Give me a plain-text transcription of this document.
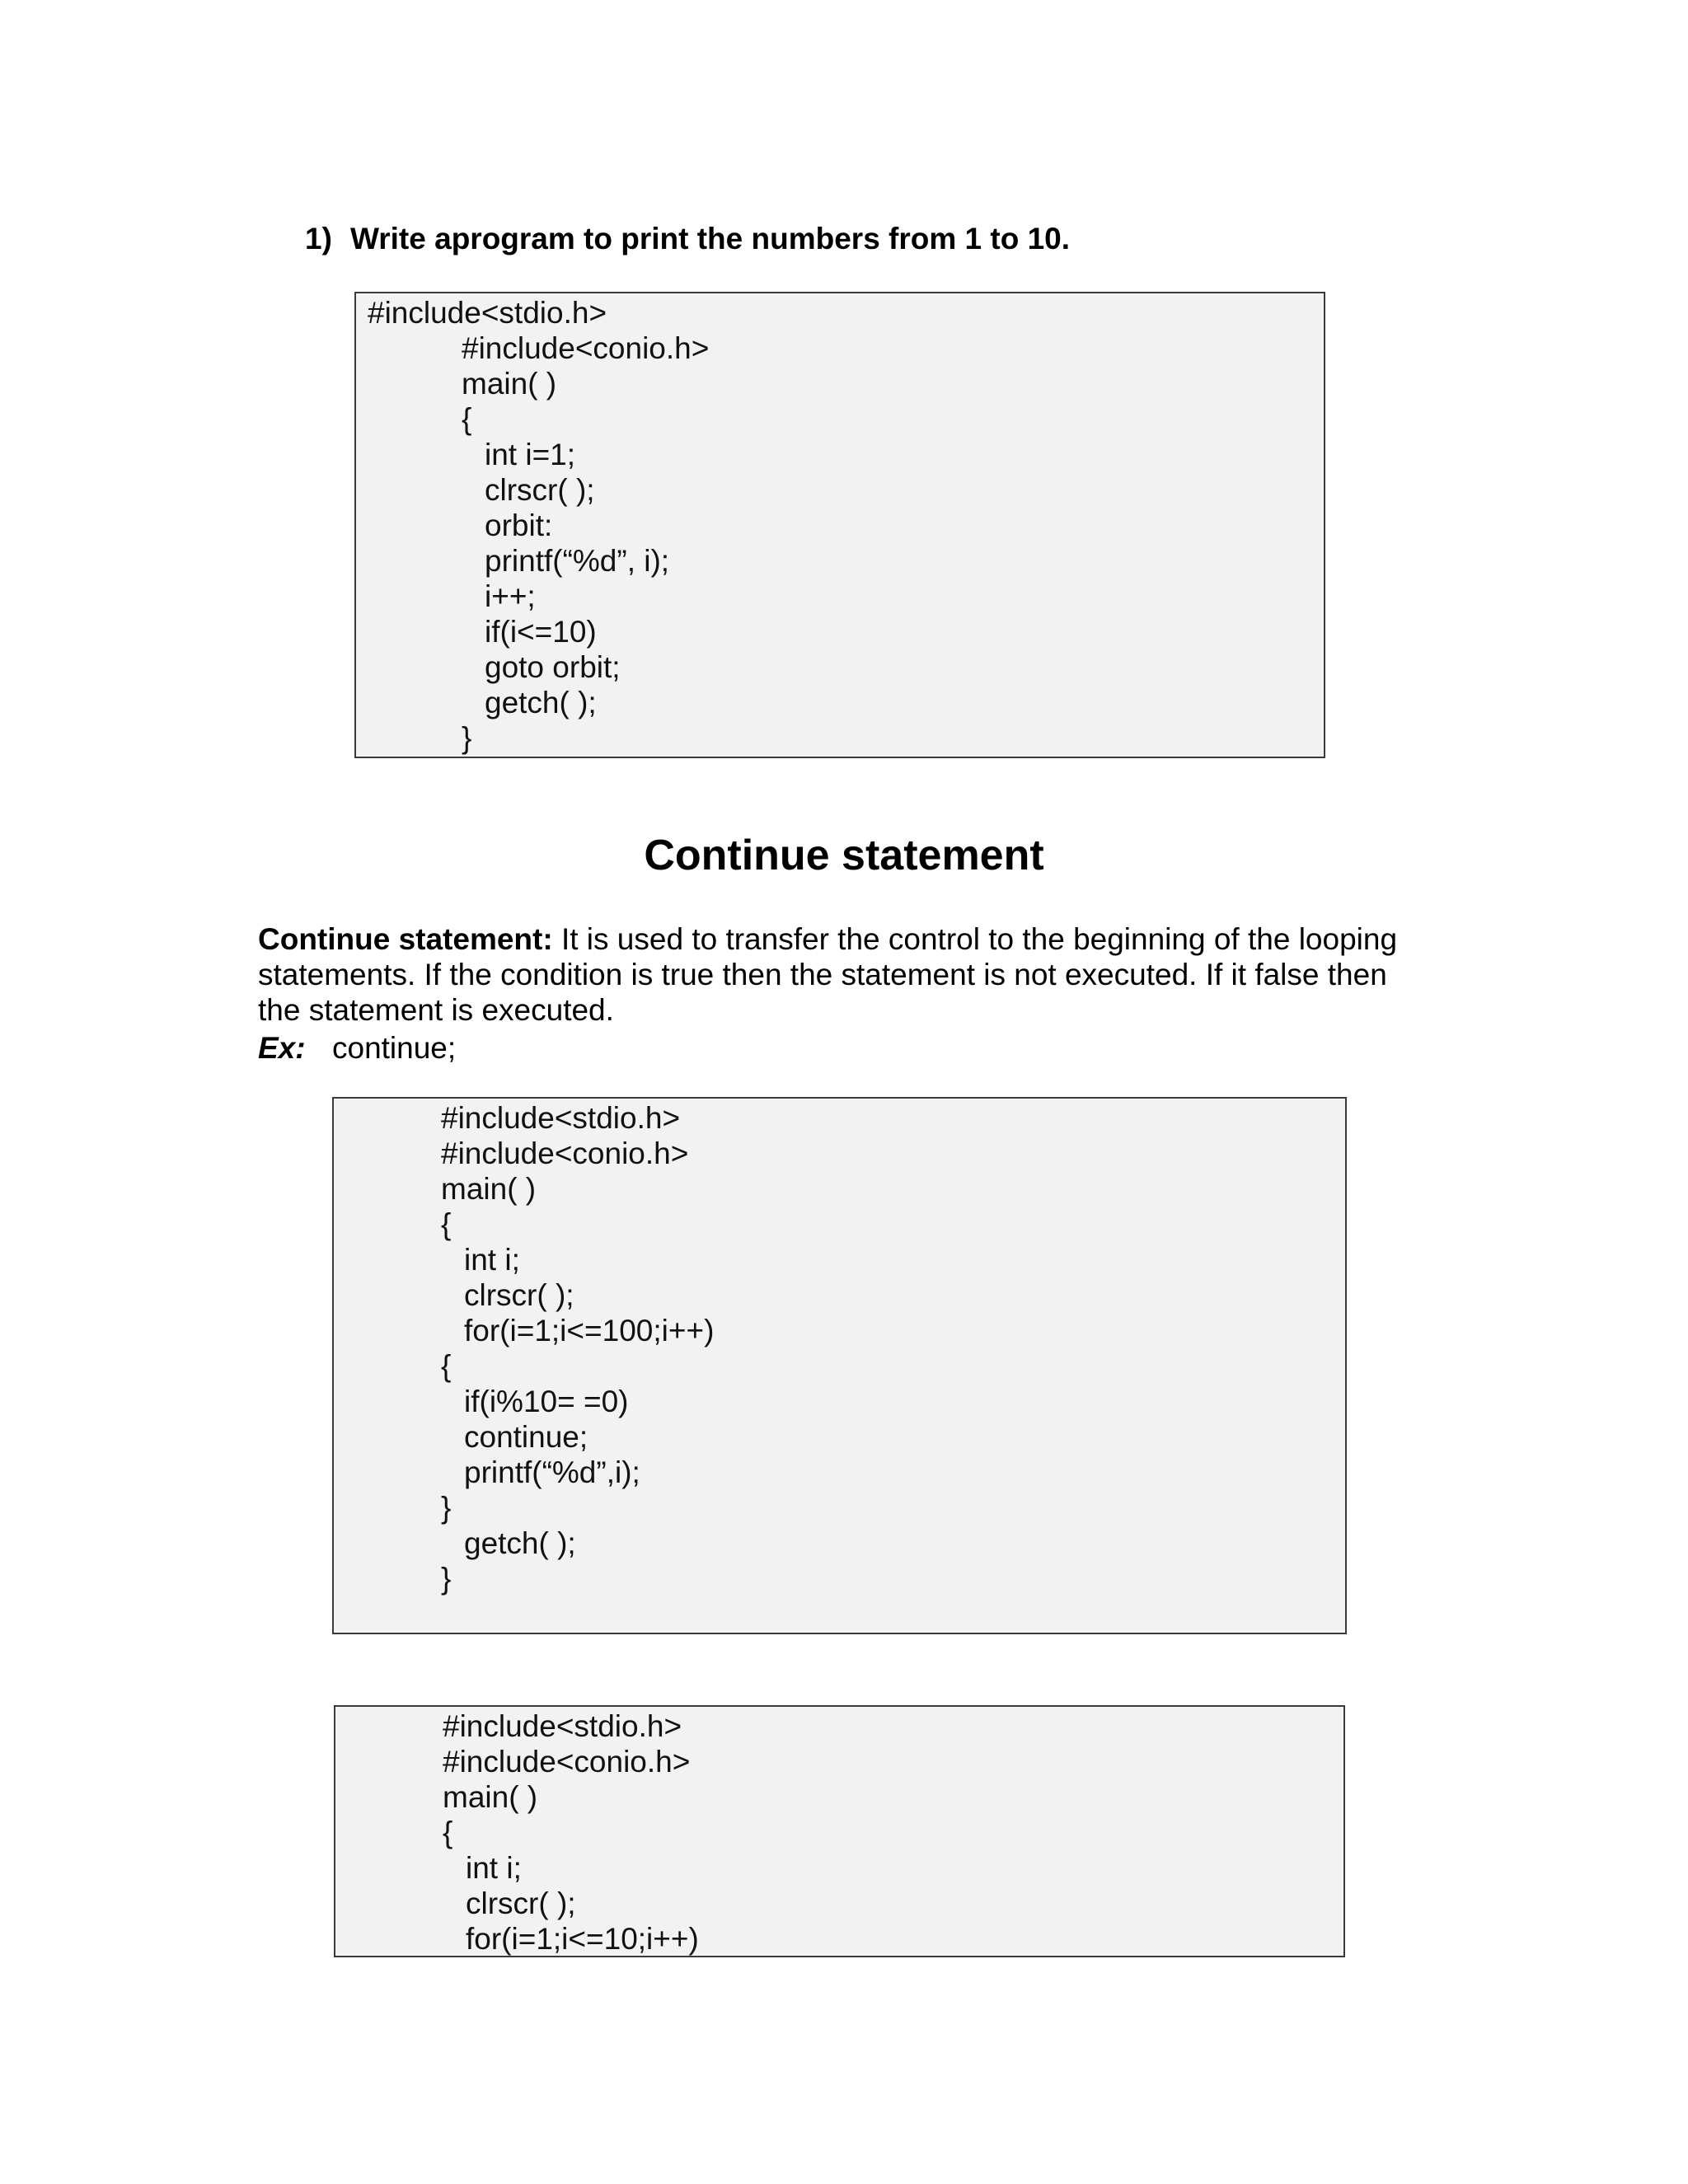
1) Write aprogram to print the numbers from 1 to 10.
#include<stdio.h>
#include<conio.h>
main( )
{
int i=1;
clrscr( );
orbit:
printf(“%d”, i);
i++;
if(i<=10)
goto orbit;
getch( );
}
Continue statement
Continue statement: It is used to transfer the control to the beginning of the looping statements. If the condition is true then the statement is not executed. If it false then the statement is executed.
Ex: continue;
#include<stdio.h>
#include<conio.h>
main( )
{
int i;
clrscr( );
for(i=1;i<=100;i++)
{
if(i%10= =0)
continue;
printf(“%d”,i);
}
getch( );
}
#include<stdio.h>
#include<conio.h>
main( )
{
int i;
clrscr( );
for(i=1;i<=10;i++)
